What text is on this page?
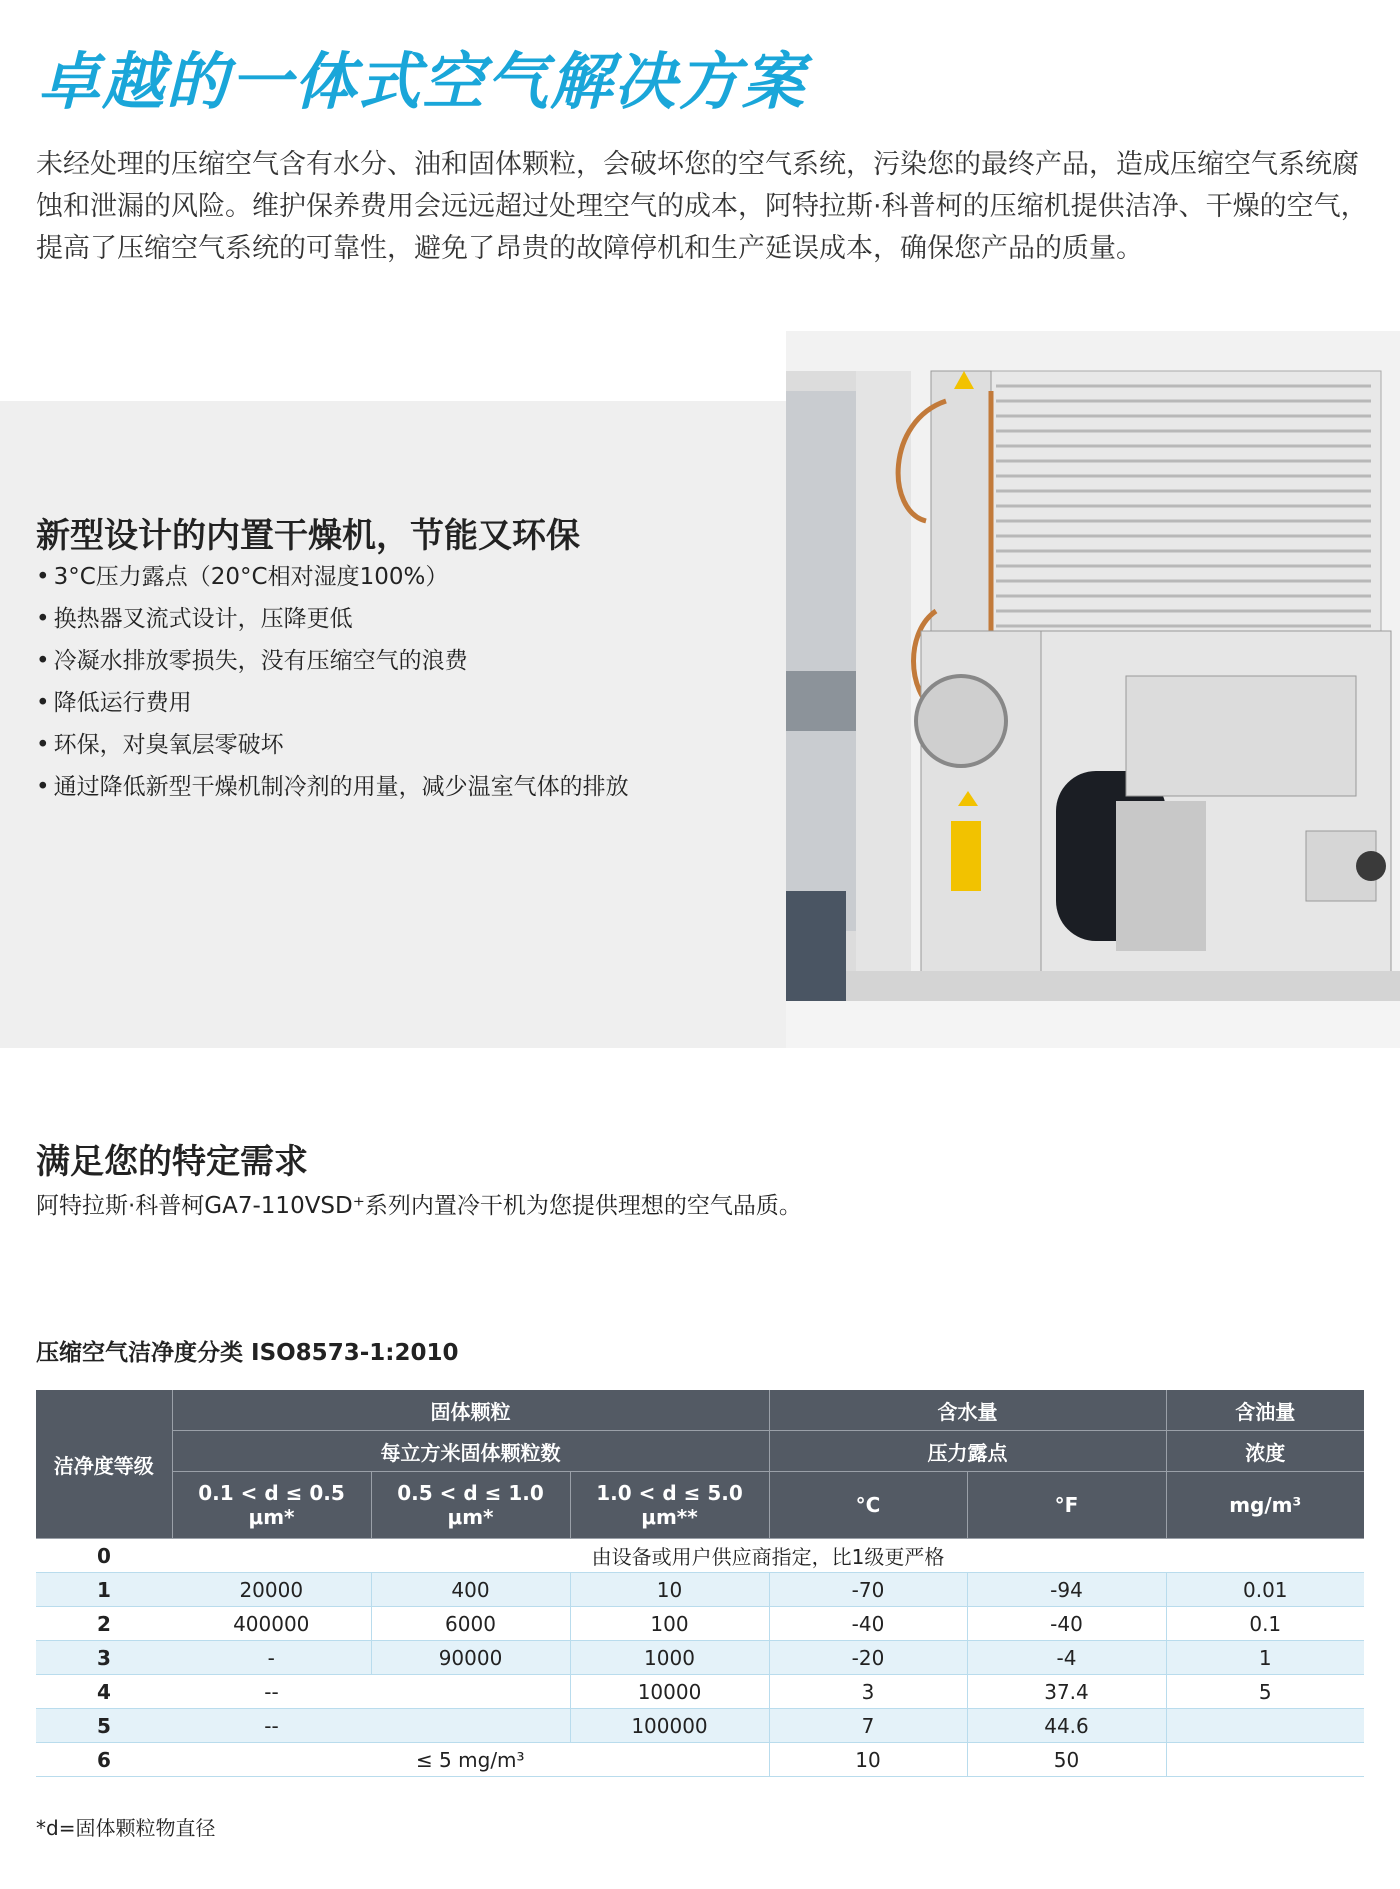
卓越的一体式空气解决方案

未经处理的压缩空气含有水分、油和固体颗粒，会破坏您的空气系统，污染您的最终产品，造成压缩空气系统腐蚀和泄漏的风险。维护保养费用会远远超过处理空气的成本，阿特拉斯·科普柯的压缩机提供洁净、干燥的空气，提高了压缩空气系统的可靠性，避免了昂贵的故障停机和生产延误成本，确保您产品的质量。

新型设计的内置干燥机，节能又环保
• 3°C压力露点（20°C相对湿度100%）
• 换热器叉流式设计，压降更低
• 冷凝水排放零损失，没有压缩空气的浪费
• 降低运行费用
• 环保，对臭氧层零破坏
• 通过降低新型干燥机制冷剂的用量，减少温室气体的排放
满足您的特定需求

阿特拉斯·科普柯GA7-110VSD⁺系列内置冷干机为您提供理想的空气品质。

压缩空气洁净度分类 ISO8573-1:2010
洁净度等级	固体颗粒			含水量		含油量
	每立方米固体颗粒数			压力露点		浓度
	0.1 < d ≤ 0.5 μm*	0.5 < d ≤ 1.0 μm*	1.0 < d ≤ 5.0 μm**	°C	°F	mg/m³
0	由设备或用户供应商指定，比1级更严格					
1	20000	400	10	-70	-94	0.01
2	400000	6000	100	-40	-40	0.1
3	-	90000	1000	-20	-4	1
4	--		10000	3	37.4	5
5	--		100000	7	44.6	
6	≤ 5 mg/m³			10	50	

*d=固体颗粒物直径
